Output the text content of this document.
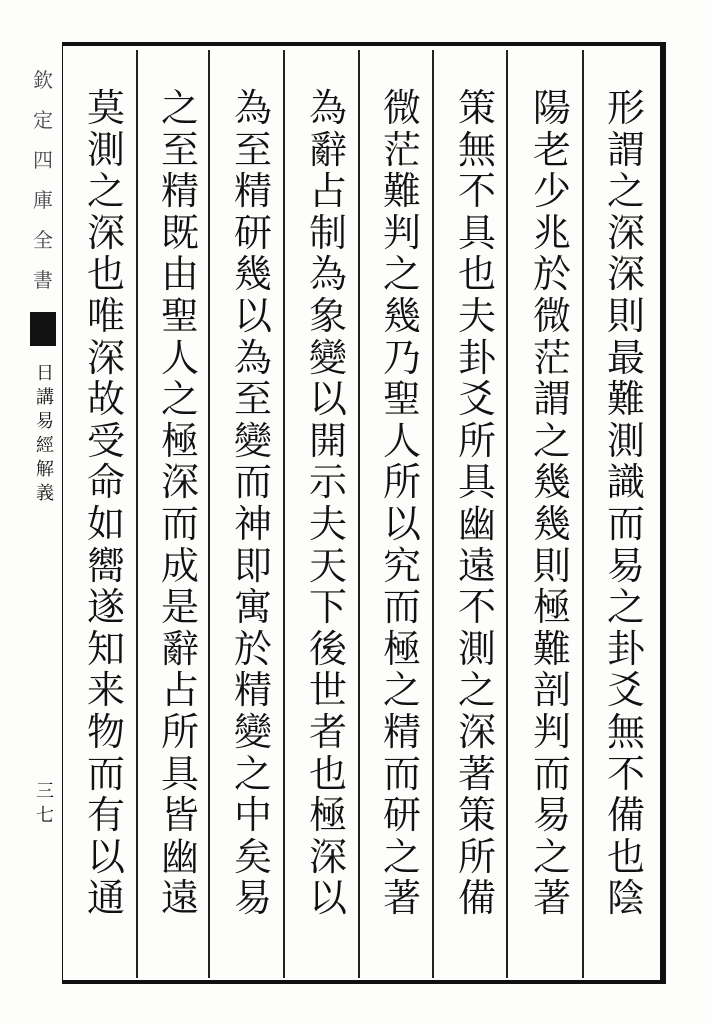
欽
定
四
庫
全
書
日
講
易
經
解
義
三七
形
謂
之
深
深
則
最
難
測
識
而
易
之
卦
爻
無
不
備
也
陰
陽
老
少
兆
於
微
茫
謂
之
幾
幾
則
極
難
剖
判
而
易
之
著
策
無
不
具
也
夫
卦
爻
所
具
幽
遠
不
測
之
深
著
策
所
備
微
茫
難
判
之
幾
乃
聖
人
所
以
究
而
極
之
精
而
研
之
著
為
辭
占
制
為
象
變
以
開
示
夫
天
下
後
世
者
也
極
深
以
為
至
精
研
幾
以
為
至
變
而
神
即
寓
於
精
變
之
中
矣
易
之
至
精
既
由
聖
人
之
極
深
而
成
是
辭
占
所
具
皆
幽
遠
莫
測
之
深
也
唯
深
故
受
命
如
嚮
遂
知
来
物
而
有
以
通
